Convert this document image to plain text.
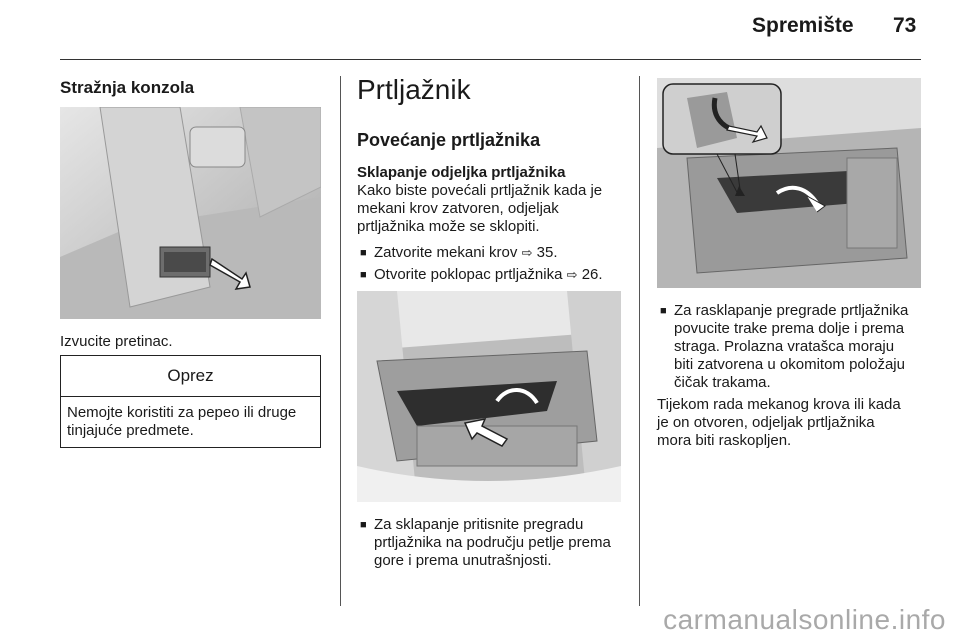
Spremište 73
Stražnja konzola
Izvucite pretinac.
Oprez
Nemojte koristiti za pepeo ili druge tinjajuće predmete.
Prtljažnik
Povećanje prtljažnika
Sklapanje odjeljka prtljažnika
Kako biste povećali prtljažnik kada je
mekani krov zatvoren, odjeljak
prtljažnika može se sklopiti.
■ Zatvorite mekani krov ⇨ 35.
■ Otvorite poklopac prtljažnika ⇨ 26.
■ Za sklapanje pritisnite pregradu
prtljažnika na području petlje prema
gore i prema unutrašnjosti.
■ Za rasklapanje pregrade prtljažnika
povucite trake prema dolje i prema
straga. Prolazna vratašca moraju
biti zatvorena u okomitom položaju
čičak trakama.
Tijekom rada mekanog krova ili kada
je on otvoren, odjeljak prtljažnika
mora biti raskopljen.
carmanualsonline.info
